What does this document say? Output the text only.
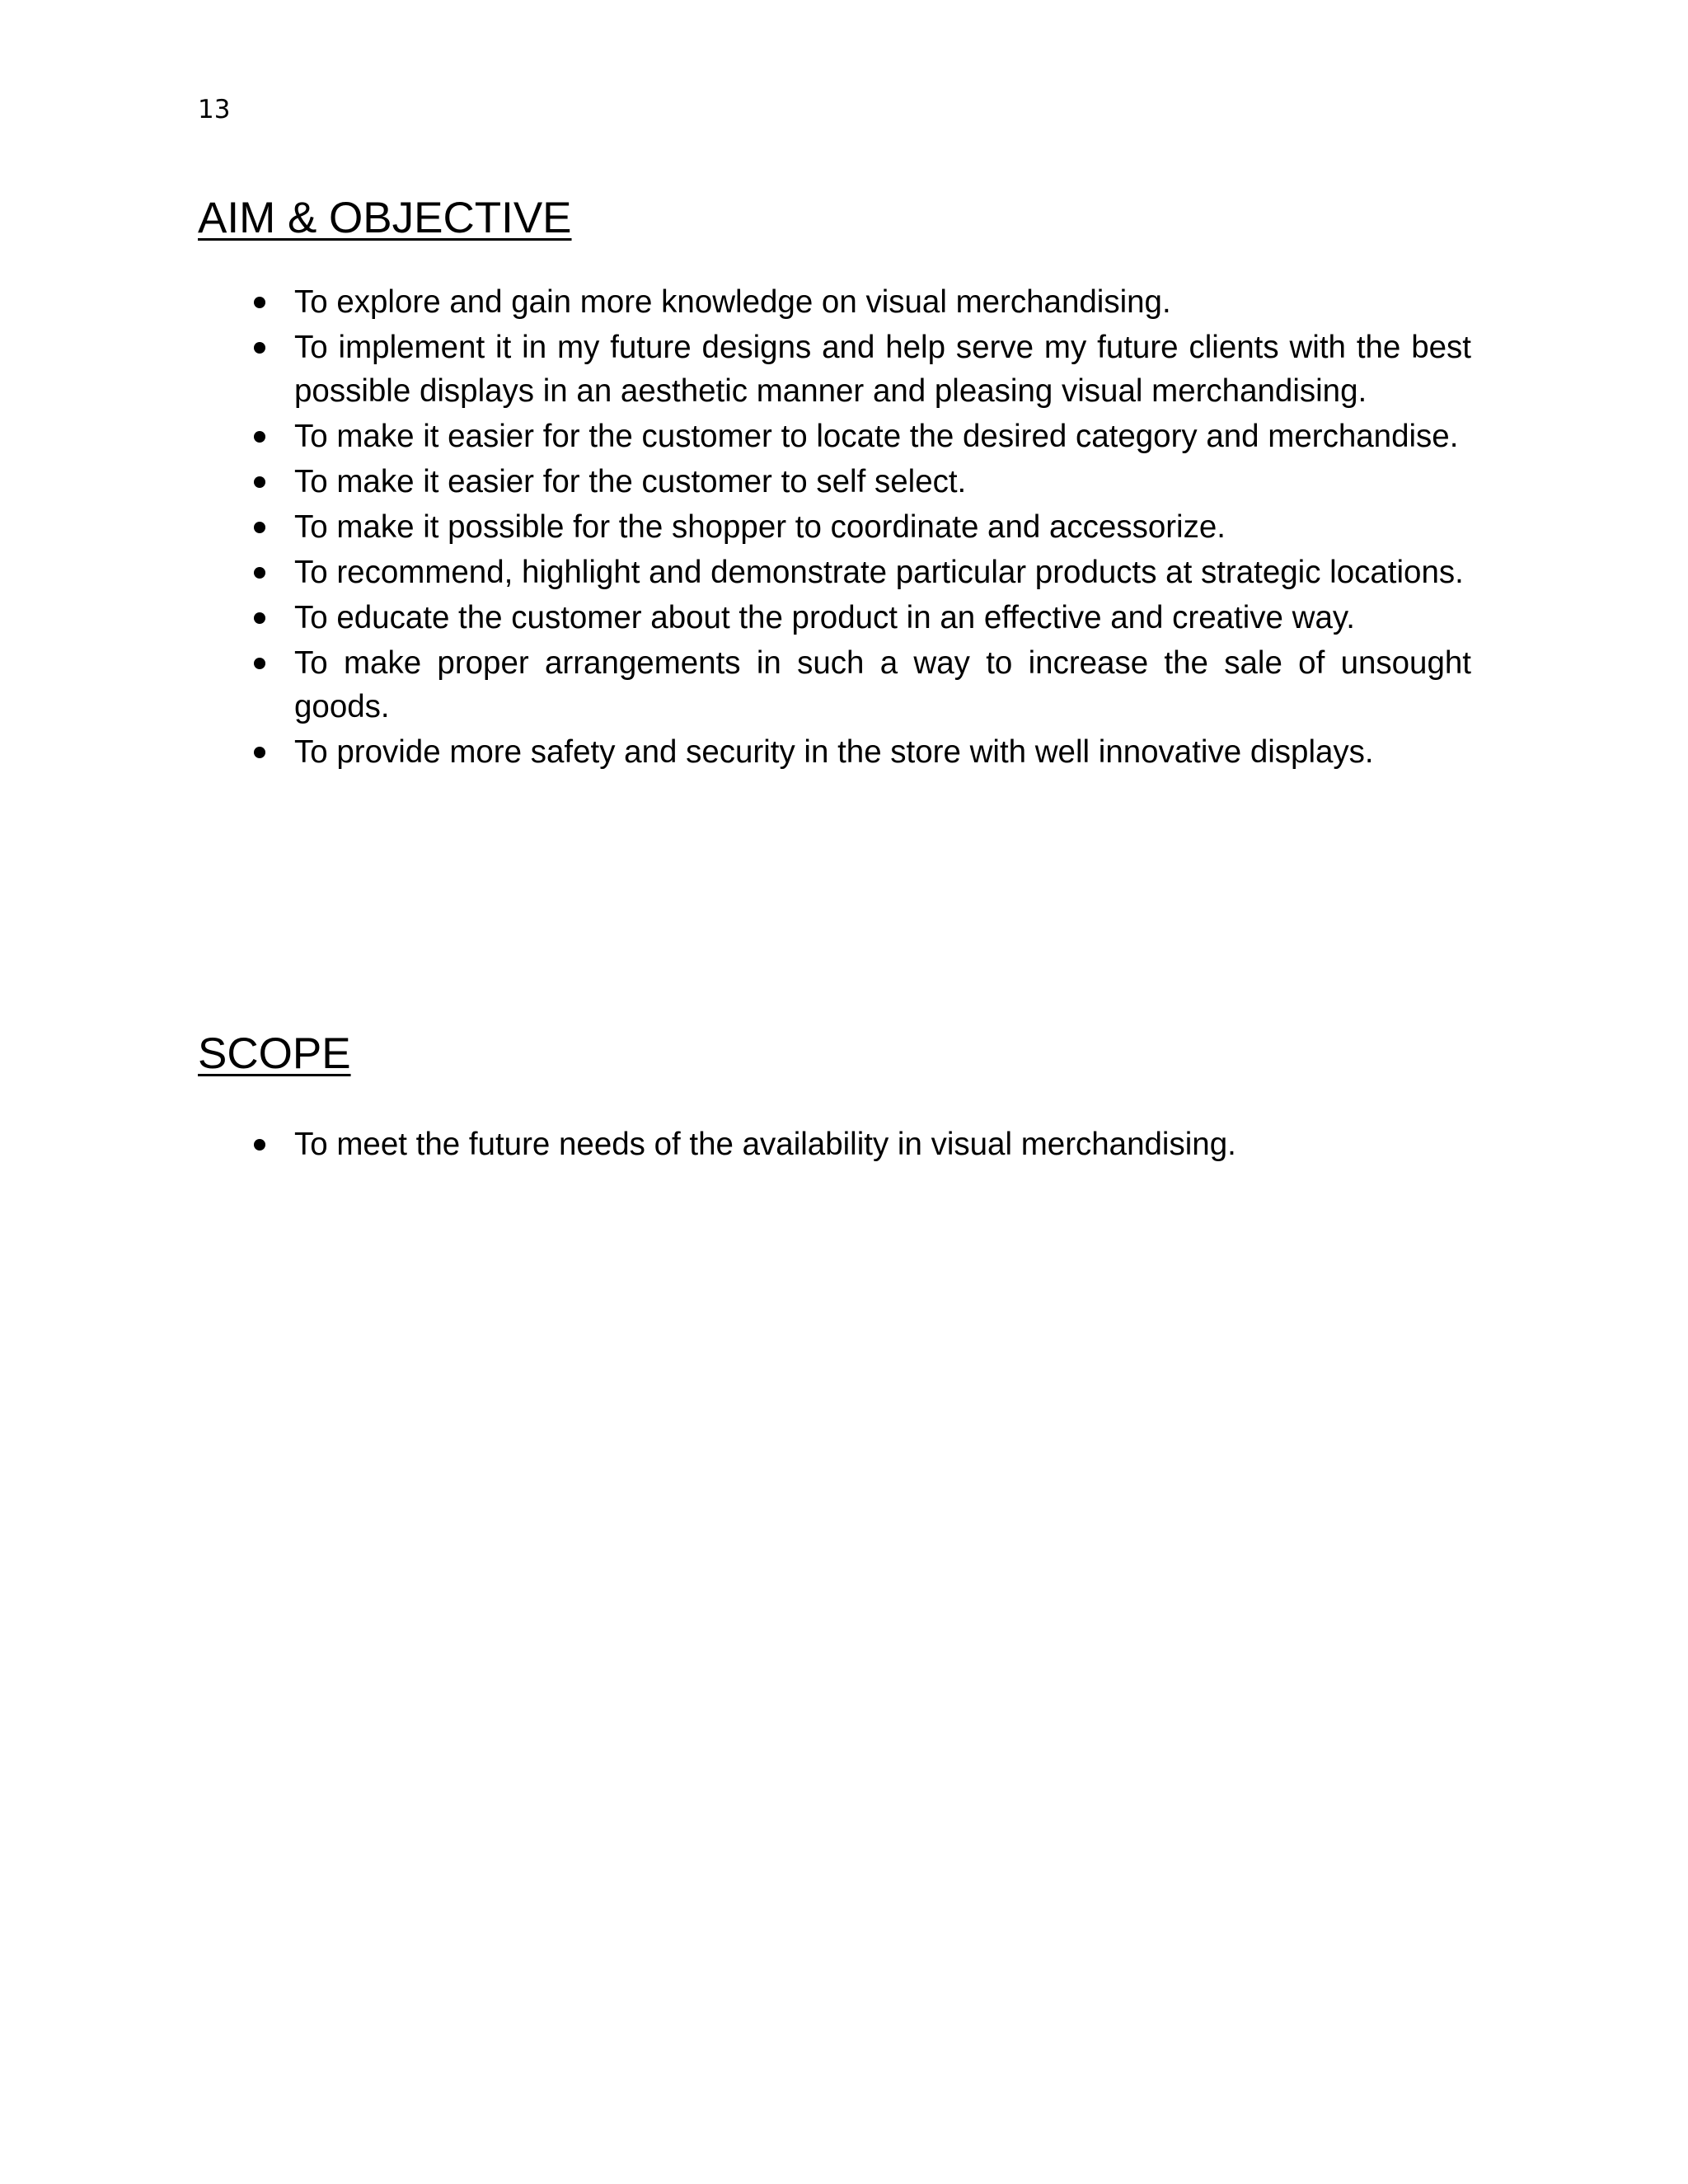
13
AIM & OBJECTIVE
To explore and gain more knowledge on visual merchandising.
To implement it in my future designs and help serve my future clients with the best possible displays in an aesthetic manner and pleasing visual merchandising.
To make it easier for the customer to locate the desired category and merchandise.
To make it easier for the customer to self select.
To make it possible for the shopper to coordinate and accessorize.
To recommend, highlight and demonstrate particular products at strategic locations.
To educate the customer about the product in an effective and creative way.
To make proper arrangements in such a way to increase the sale of unsought goods.
To provide more safety and security in the store with well innovative displays.
SCOPE
To meet the future needs of the availability in visual merchandising.
